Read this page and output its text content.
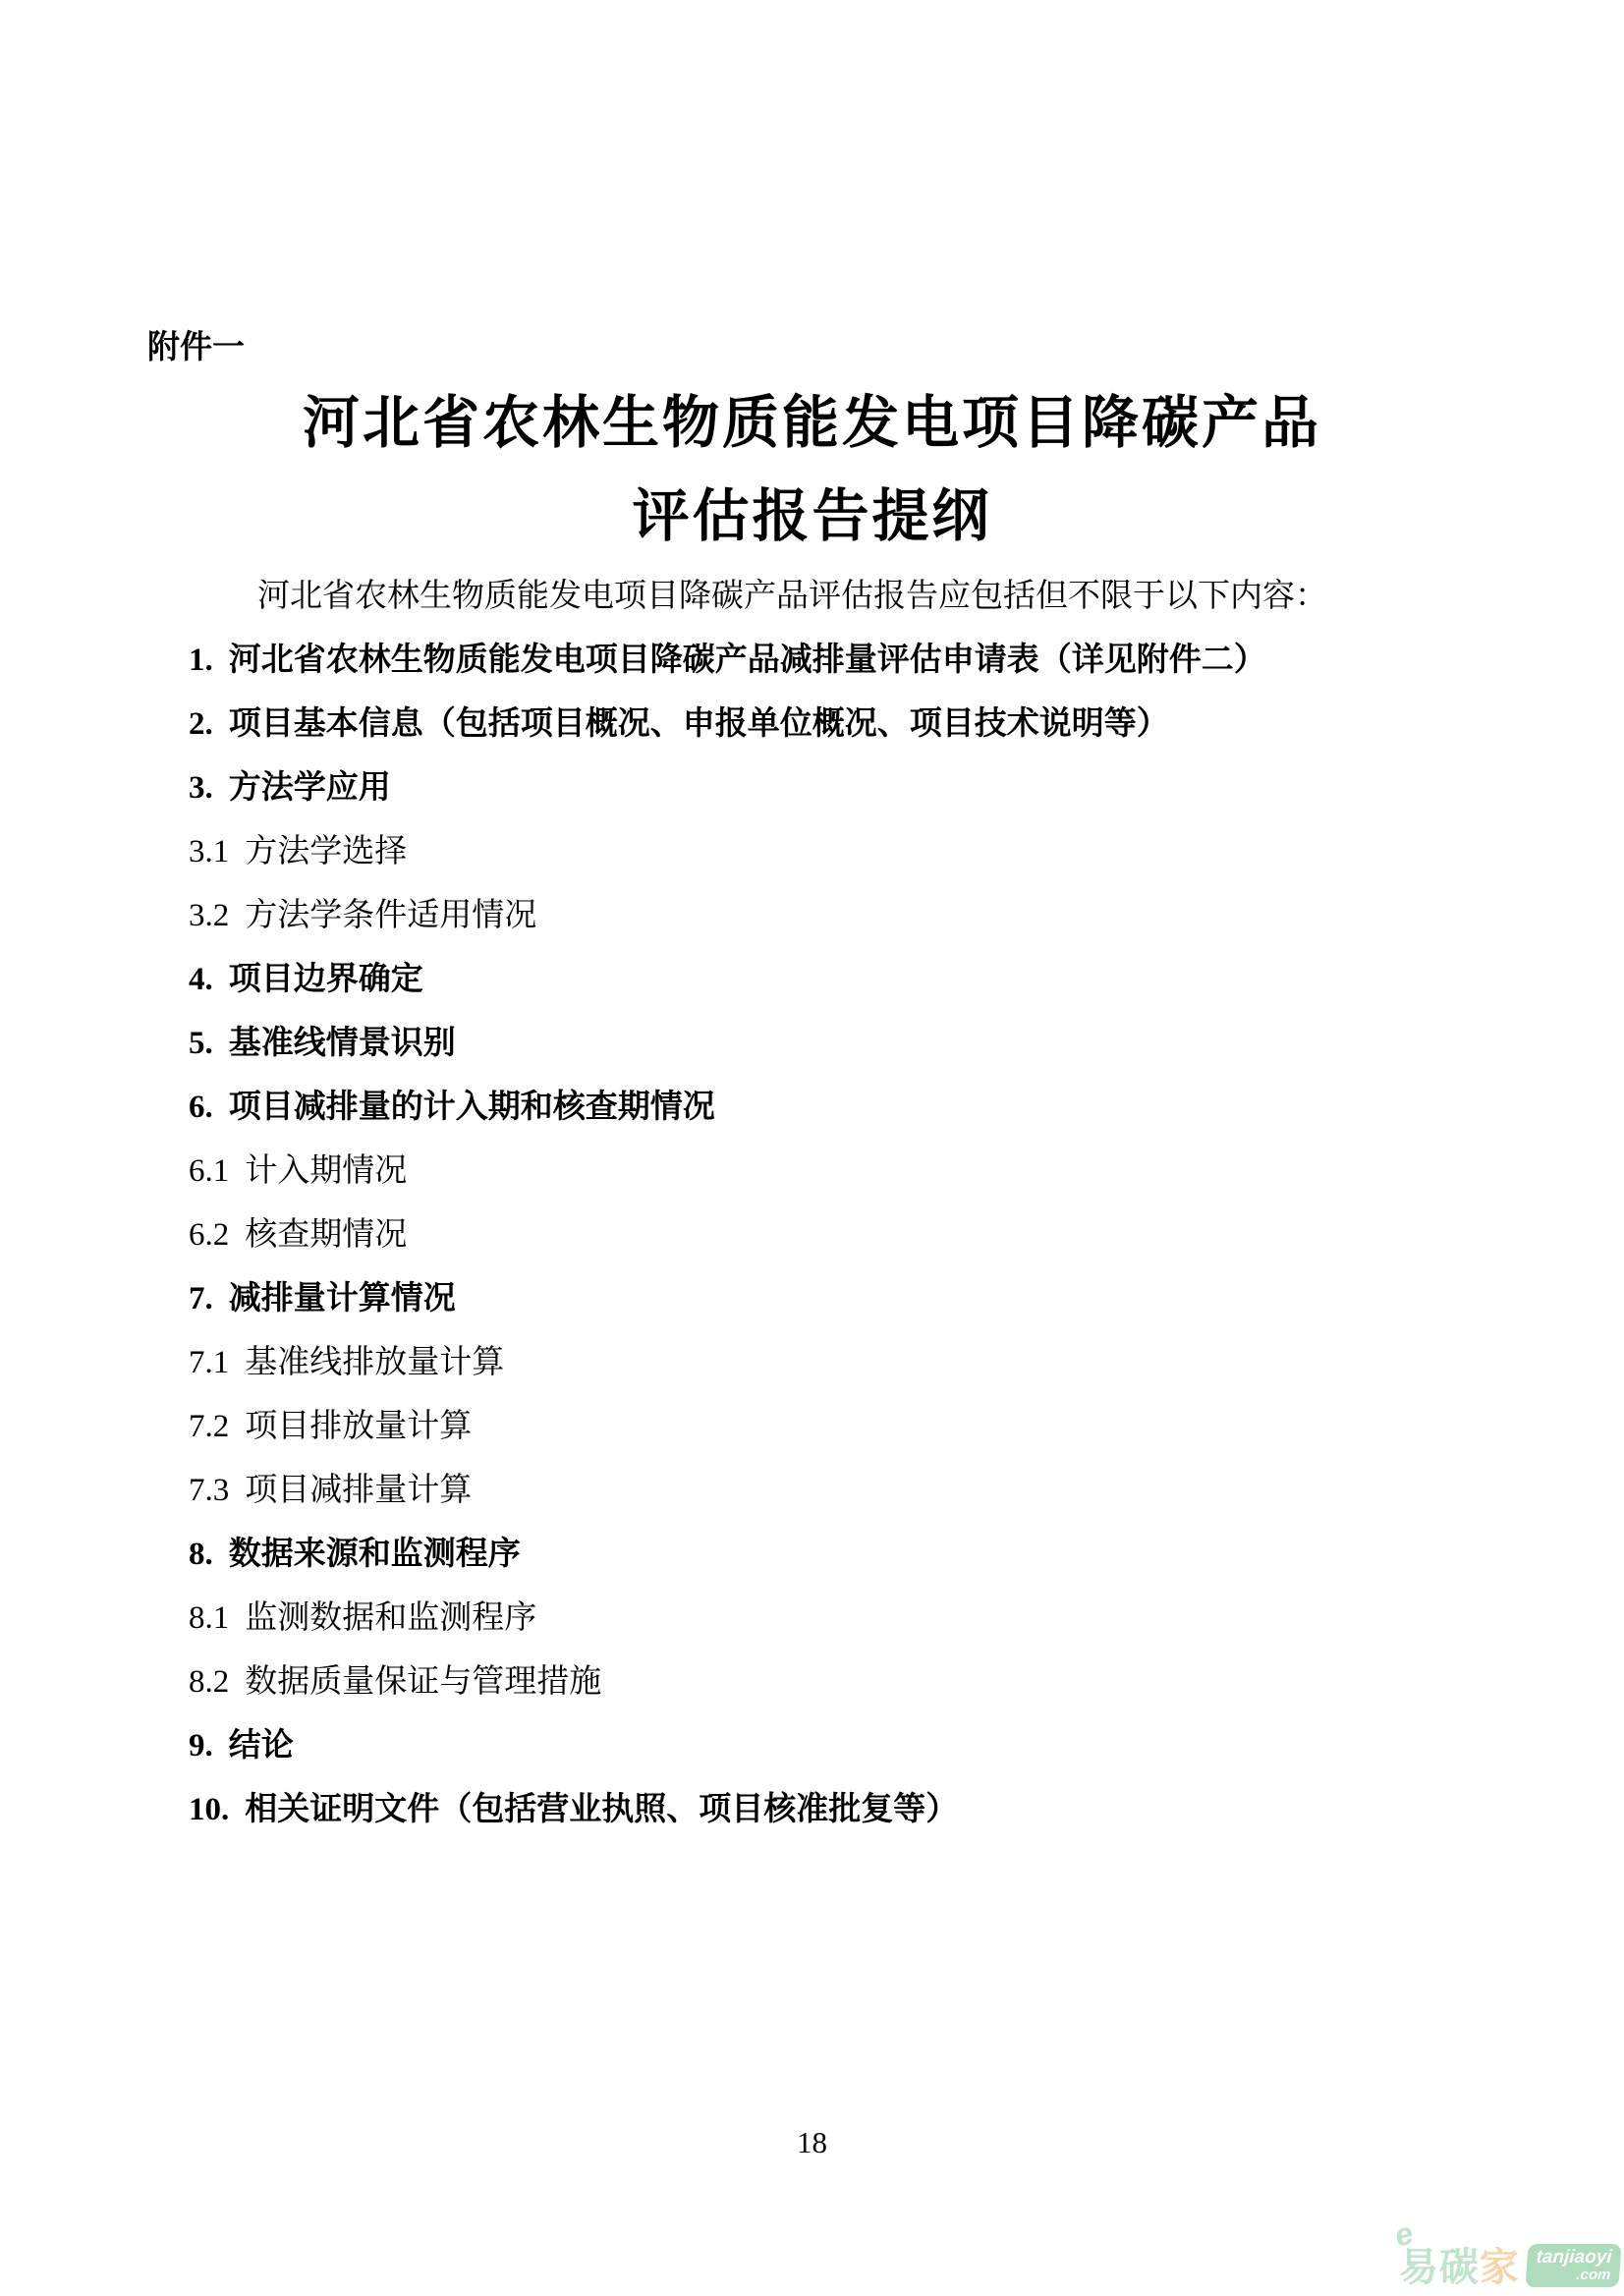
附件一
河北省农林生物质能发电项目降碳产品
评估报告提纲
河北省农林生物质能发电项目降碳产品评估报告应包括但不限于以下内容：
1. 河北省农林生物质能发电项目降碳产品减排量评估申请表（详见附件二）
2. 项目基本信息（包括项目概况、申报单位概况、项目技术说明等）
3. 方法学应用
3.1 方法学选择
3.2 方法学条件适用情况
4. 项目边界确定
5. 基准线情景识别
6. 项目减排量的计入期和核查期情况
6.1 计入期情况
6.2 核查期情况
7. 减排量计算情况
7.1 基准线排放量计算
7.2 项目排放量计算
7.3 项目减排量计算
8. 数据来源和监测程序
8.1 监测数据和监测程序
8.2 数据质量保证与管理措施
9. 结论
10. 相关证明文件（包括营业执照、项目核准批复等）
18
e
易 碳 家 tanjiaoyi
.com
